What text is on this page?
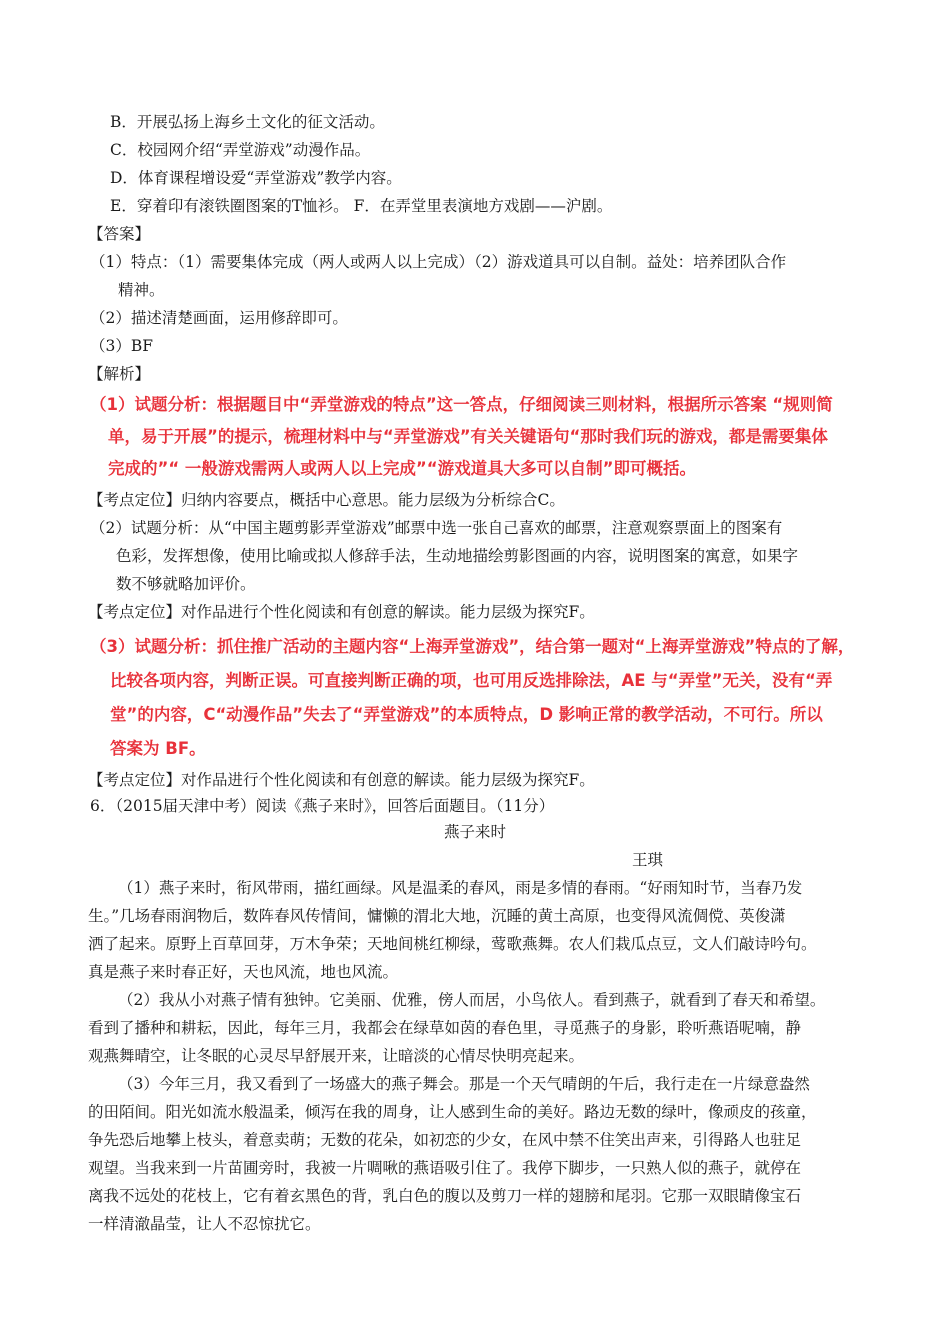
B．开展弘扬上海乡土文化的征文活动。
C．校园网介绍“弄堂游戏”动漫作品。
D．体育课程增设爱“弄堂游戏”教学内容。
E．穿着印有滚铁圈图案的T恤衫。 F．在弄堂里表演地方戏剧——沪剧。
【答案】
（1）特点：（1）需要集体完成（两人或两人以上完成）（2）游戏道具可以自制。益处：培养团队合作
精神。
（2）描述清楚画面，运用修辞即可。
（3）BF
【解析】
（1）试题分析：根据题目中“弄堂游戏的特点”这一答点，仔细阅读三则材料，根据所示答案 “规则简
单，易于开展”的提示，梳理材料中与“弄堂游戏”有关关键语句“那时我们玩的游戏，都是需要集体
完成的”“ 一般游戏需两人或两人以上完成”“游戏道具大多可以自制”即可概括。
【考点定位】归纳内容要点，概括中心意思。能力层级为分析综合C。
（2）试题分析：从“中国主题剪影弄堂游戏”邮票中选一张自己喜欢的邮票，注意观察票面上的图案有
色彩，发挥想像，使用比喻或拟人修辞手法，生动地描绘剪影图画的内容，说明图案的寓意，如果字
数不够就略加评价。
【考点定位】对作品进行个性化阅读和有创意的解读。能力层级为探究F。
（3）试题分析：抓住推广活动的主题内容“上海弄堂游戏”，结合第一题对“上海弄堂游戏”特点的了解，
比较各项内容，判断正误。可直接判断正确的项，也可用反选排除法，AE 与“弄堂”无关，没有“弄
堂”的内容，C“动漫作品”失去了“弄堂游戏”的本质特点，D 影响正常的教学活动，不可行。所以
答案为 BF。
【考点定位】对作品进行个性化阅读和有创意的解读。能力层级为探究F。
6．（2015届天津中考）阅读《燕子来时》，回答后面题目。（11分）
燕子来时
王琪
（1）燕子来时，衔风带雨，描红画绿。风是温柔的春风，雨是多情的春雨。“好雨知时节，当春乃发
生。”几场春雨润物后，数阵春风传情间，慵懒的渭北大地，沉睡的黄土高原，也变得风流倜傥、英俊潇
洒了起来。原野上百草回芽，万木争荣；天地间桃红柳绿，莺歌燕舞。农人们栽瓜点豆，文人们敲诗吟句。
真是燕子来时春正好，天也风流，地也风流。
（2）我从小对燕子情有独钟。它美丽、优雅，傍人而居，小鸟依人。看到燕子，就看到了春天和希望。
看到了播种和耕耘，因此，每年三月，我都会在绿草如茵的春色里，寻觅燕子的身影，聆听燕语呢喃，静
观燕舞晴空，让冬眠的心灵尽早舒展开来，让暗淡的心情尽快明亮起来。
（3）今年三月，我又看到了一场盛大的燕子舞会。那是一个天气晴朗的午后，我行走在一片绿意盎然
的田陌间。阳光如流水般温柔，倾泻在我的周身，让人感到生命的美好。路边无数的绿叶，像顽皮的孩童，
争先恐后地攀上枝头，着意卖萌；无数的花朵，如初恋的少女，在风中禁不住笑出声来，引得路人也驻足
观望。当我来到一片苗圃旁时，我被一片啁啾的燕语吸引住了。我停下脚步，一只熟人似的燕子，就停在
离我不远处的花枝上，它有着玄黑色的背，乳白色的腹以及剪刀一样的翅膀和尾羽。它那一双眼睛像宝石
一样清澈晶莹，让人不忍惊扰它。
